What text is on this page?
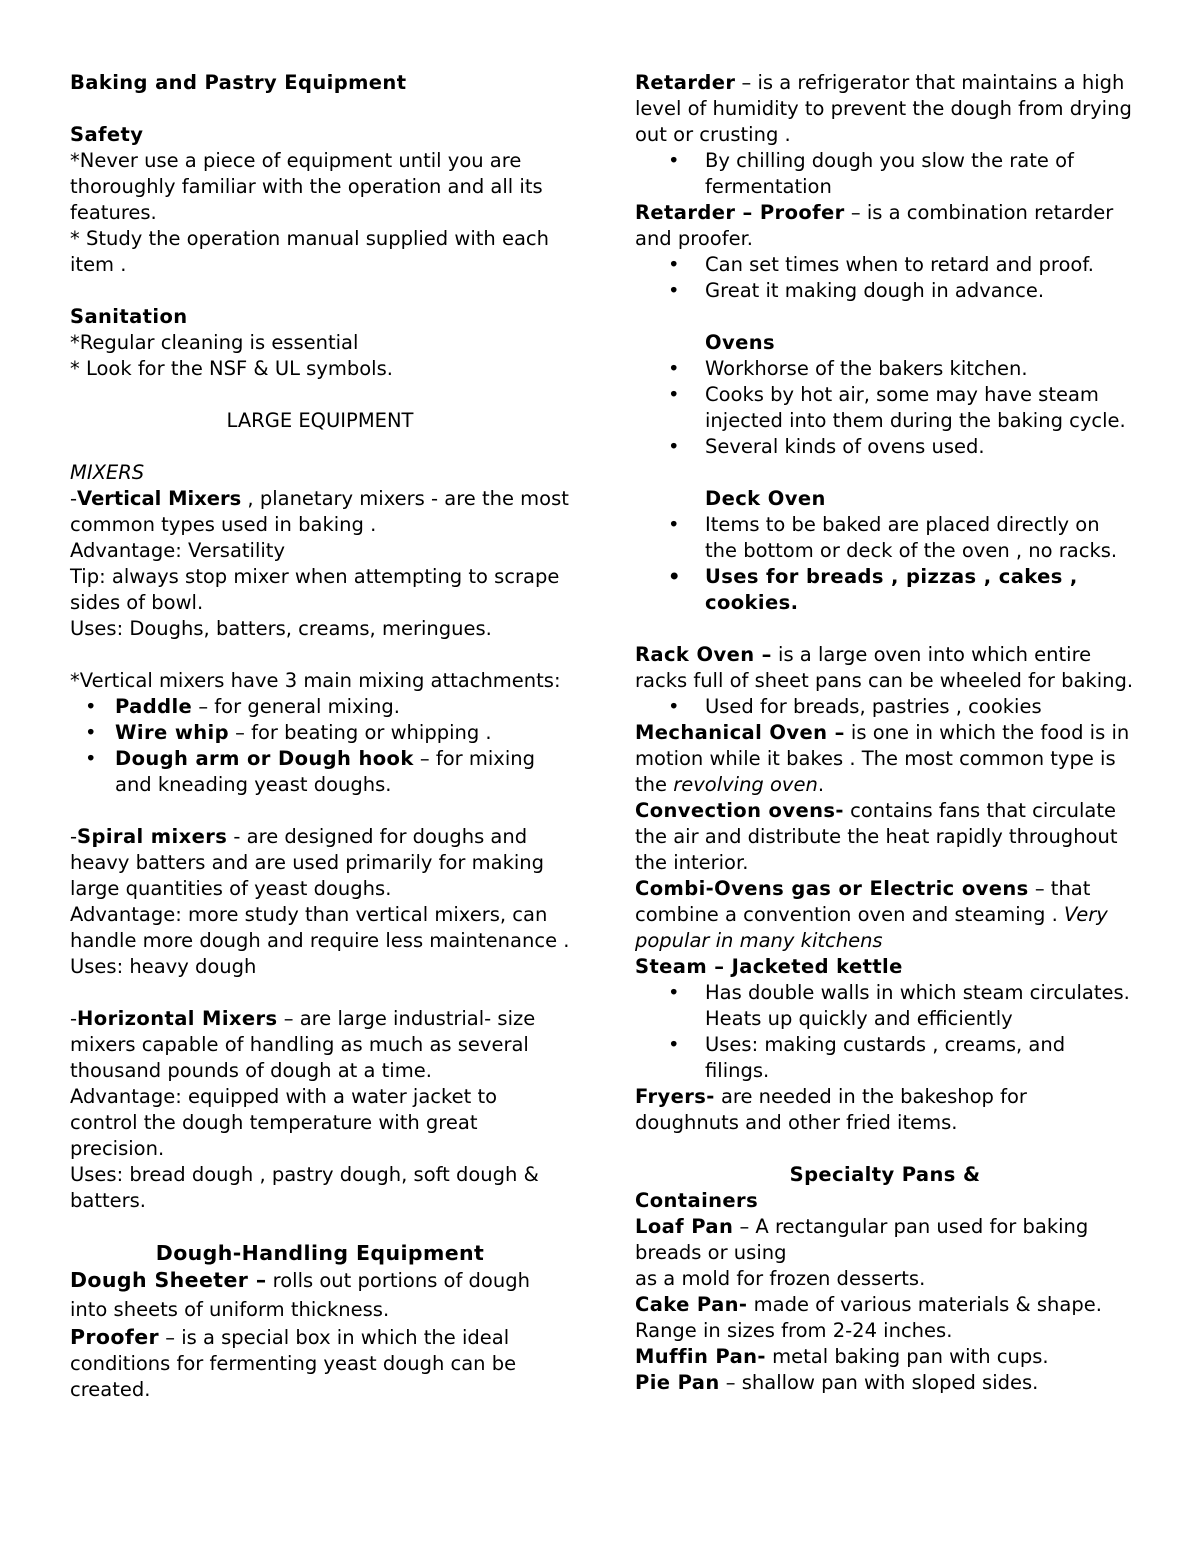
Baking and Pastry Equipment

Safety

*Never use a piece of equipment until you are thoroughly familiar with the operation and all its features.

* Study the operation manual supplied with each item .

Sanitation

*Regular cleaning is essential

* Look for the NSF & UL symbols.

LARGE EQUIPMENT

MIXERS

-Vertical Mixers , planetary mixers - are the most common types used in baking .

Advantage: Versatility

Tip: always stop mixer when attempting to scrape sides of bowl.

Uses: Doughs, batters, creams, meringues.

*Vertical mixers have 3 main mixing attachments:

• Paddle – for general mixing.
• Wire whip – for beating or whipping .
• Dough arm or Dough hook – for mixing and kneading yeast doughs.

-Spiral mixers - are designed for doughs and heavy batters and are used primarily for making large quantities of yeast doughs.

Advantage: more study than vertical mixers, can handle more dough and require less maintenance .

Uses: heavy dough

-Horizontal Mixers – are large industrial- size mixers capable of handling as much as several thousand pounds of dough at a time.

Advantage: equipped with a water jacket to control the dough temperature with great precision.

Uses: bread dough , pastry dough, soft dough & batters.

Dough-Handling Equipment

Dough Sheeter – rolls out portions of dough into sheets of uniform thickness.

Proofer – is a special box in which the ideal conditions for fermenting yeast dough can be created.

Retarder – is a refrigerator that maintains a high level of humidity to prevent the dough from drying out or crusting .

• By chilling dough you slow the rate of fermentation

Retarder – Proofer – is a combination retarder and proofer.

• Can set times when to retard and proof.
• Great it making dough in advance.

Ovens

• Workhorse of the bakers kitchen.
• Cooks by hot air, some may have steam injected into them during the baking cycle.
• Several kinds of ovens used.

Deck Oven

• Items to be baked are placed directly on the bottom or deck of the oven , no racks.
• Uses for breads , pizzas , cakes , cookies.

Rack Oven – is a large oven into which entire racks full of sheet pans can be wheeled for baking.

• Used for breads, pastries , cookies

Mechanical Oven – is one in which the food is in motion while it bakes . The most common type is the revolving oven.

Convection ovens- contains fans that circulate the air and distribute the heat rapidly throughout the interior.

Combi-Ovens gas or Electric ovens – that combine a convention oven and steaming . Very popular in many kitchens

Steam – Jacketed kettle

• Has double walls in which steam circulates. Heats up quickly and efficiently
• Uses: making custards , creams, and filings.

Fryers- are needed in the bakeshop for doughnuts and other fried items.

Specialty Pans &

Containers

Loaf Pan – A rectangular pan used for baking breads or using

as a mold for frozen desserts.

Cake Pan- made of various materials & shape. Range in sizes from 2-24 inches.

Muffin Pan- metal baking pan with cups.

Pie Pan – shallow pan with sloped sides.
